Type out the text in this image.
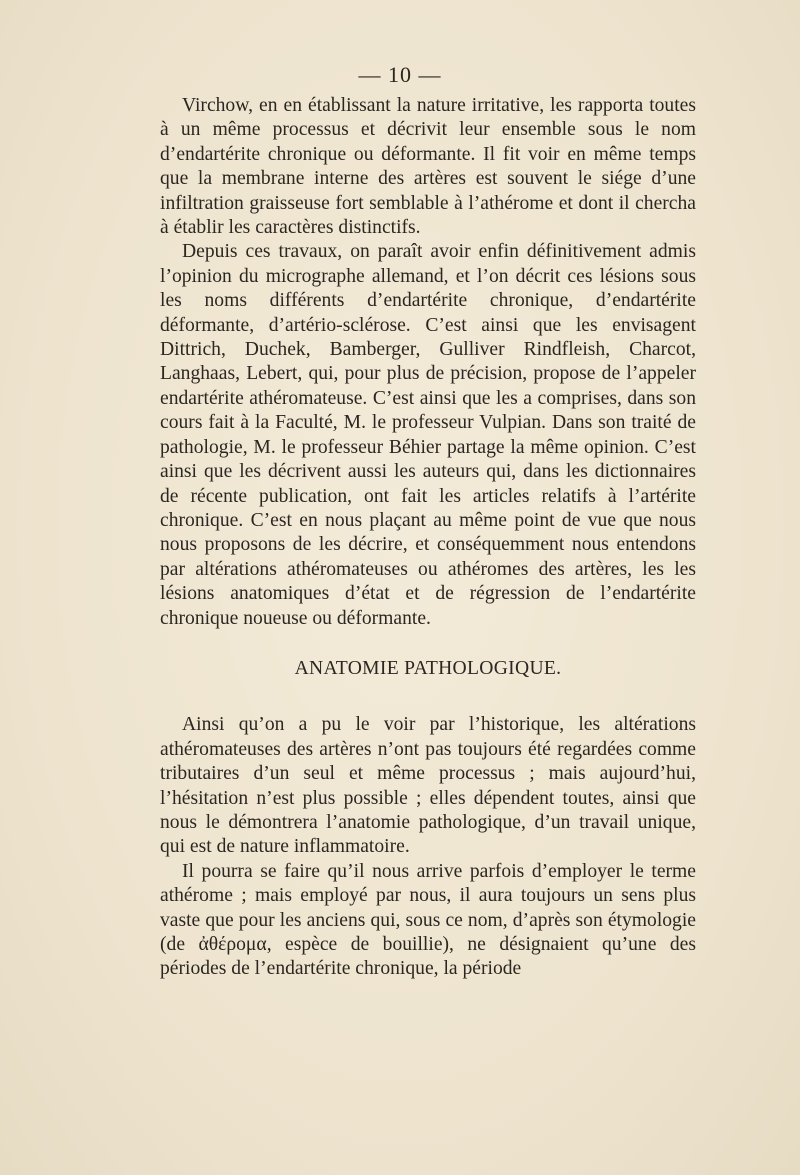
— 10 —

Virchow, en en établissant la nature irritative, les rapporta toutes à un même processus et décrivit leur ensemble sous le nom d’endartérite chronique ou déformante. Il fit voir en même temps que la membrane interne des artères est souvent le siége d’une infiltration graisseuse fort semblable à l’athérome et dont il chercha à établir les caractères distinctifs.

Depuis ces travaux, on paraît avoir enfin définitivement admis l’opinion du micrographe allemand, et l’on décrit ces lésions sous les noms différents d’endartérite chronique, d’endartérite déformante, d’artério-sclérose. C’est ainsi que les envisagent Dittrich, Duchek, Bamberger, Gulliver Rindfleish, Charcot, Langhaas, Lebert, qui, pour plus de précision, propose de l’appeler endartérite athéromateuse. C’est ainsi que les a comprises, dans son cours fait à la Faculté, M. le professeur Vulpian. Dans son traité de pathologie, M. le professeur Béhier partage la même opinion. C’est ainsi que les décrivent aussi les auteurs qui, dans les dictionnaires de récente publication, ont fait les articles relatifs à l’artérite chronique. C’est en nous plaçant au même point de vue que nous nous proposons de les décrire, et conséquemment nous entendons par altérations athéromateuses ou athéromes des artères, les les lésions anatomiques d’état et de régression de l’endartérite chronique noueuse ou déformante.

ANATOMIE PATHOLOGIQUE.

Ainsi qu’on a pu le voir par l’historique, les altérations athéromateuses des artères n’ont pas toujours été regardées comme tributaires d’un seul et même processus ; mais aujourd’hui, l’hésitation n’est plus possible ; elles dépendent toutes, ainsi que nous le démontrera l’anatomie pathologique, d’un travail unique, qui est de nature inflammatoire.

Il pourra se faire qu’il nous arrive parfois d’employer le terme athérome ; mais employé par nous, il aura toujours un sens plus vaste que pour les anciens qui, sous ce nom, d’après son étymologie (de ἀθέρομα, espèce de bouillie), ne désignaient qu’une des périodes de l’endartérite chronique, la période
